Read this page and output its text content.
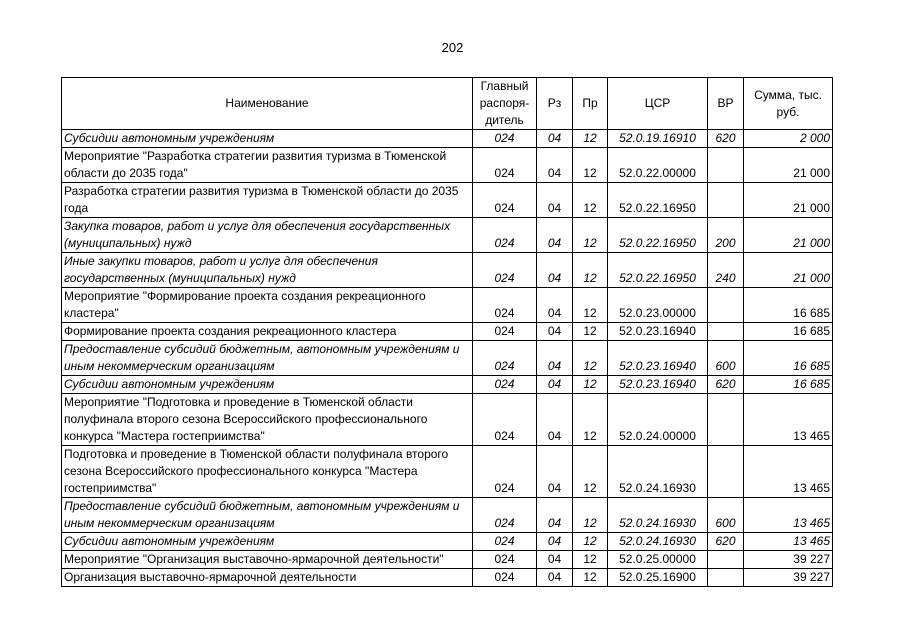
202
Наименование	Главный распоря-дитель	Рз	Пр	ЦСР	ВР	Сумма, тыс. руб.
Субсидии автономным учреждениям	024	04	12	52.0.19.16910	620	2 000
Мероприятие "Разработка стратегии развития туризма в Тюменской области до 2035 года"	024	04	12	52.0.22.00000		21 000
Разработка стратегии развития туризма в Тюменской области до 2035 года	024	04	12	52.0.22.16950		21 000
Закупка товаров, работ и услуг для обеспечения государственных (муниципальных) нужд	024	04	12	52.0.22.16950	200	21 000
Иные закупки товаров, работ и услуг для обеспечения государственных (муниципальных) нужд	024	04	12	52.0.22.16950	240	21 000
Мероприятие "Формирование проекта создания рекреационного кластера"	024	04	12	52.0.23.00000		16 685
Формирование проекта создания рекреационного кластера	024	04	12	52.0.23.16940		16 685
Предоставление субсидий бюджетным, автономным учреждениям и иным некоммерческим организациям	024	04	12	52.0.23.16940	600	16 685
Субсидии автономным учреждениям	024	04	12	52.0.23.16940	620	16 685
Мероприятие "Подготовка и проведение в Тюменской области полуфинала второго сезона Всероссийского профессионального конкурса "Мастера гостеприимства"	024	04	12	52.0.24.00000		13 465
Подготовка и проведение в Тюменской области полуфинала второго сезона Всероссийского профессионального конкурса "Мастера гостеприимства"	024	04	12	52.0.24.16930		13 465
Предоставление субсидий бюджетным, автономным учреждениям и иным некоммерческим организациям	024	04	12	52.0.24.16930	600	13 465
Субсидии автономным учреждениям	024	04	12	52.0.24.16930	620	13 465
Мероприятие "Организация выставочно-ярмарочной деятельности"	024	04	12	52.0.25.00000		39 227
Организация выставочно-ярмарочной деятельности	024	04	12	52.0.25.16900		39 227
